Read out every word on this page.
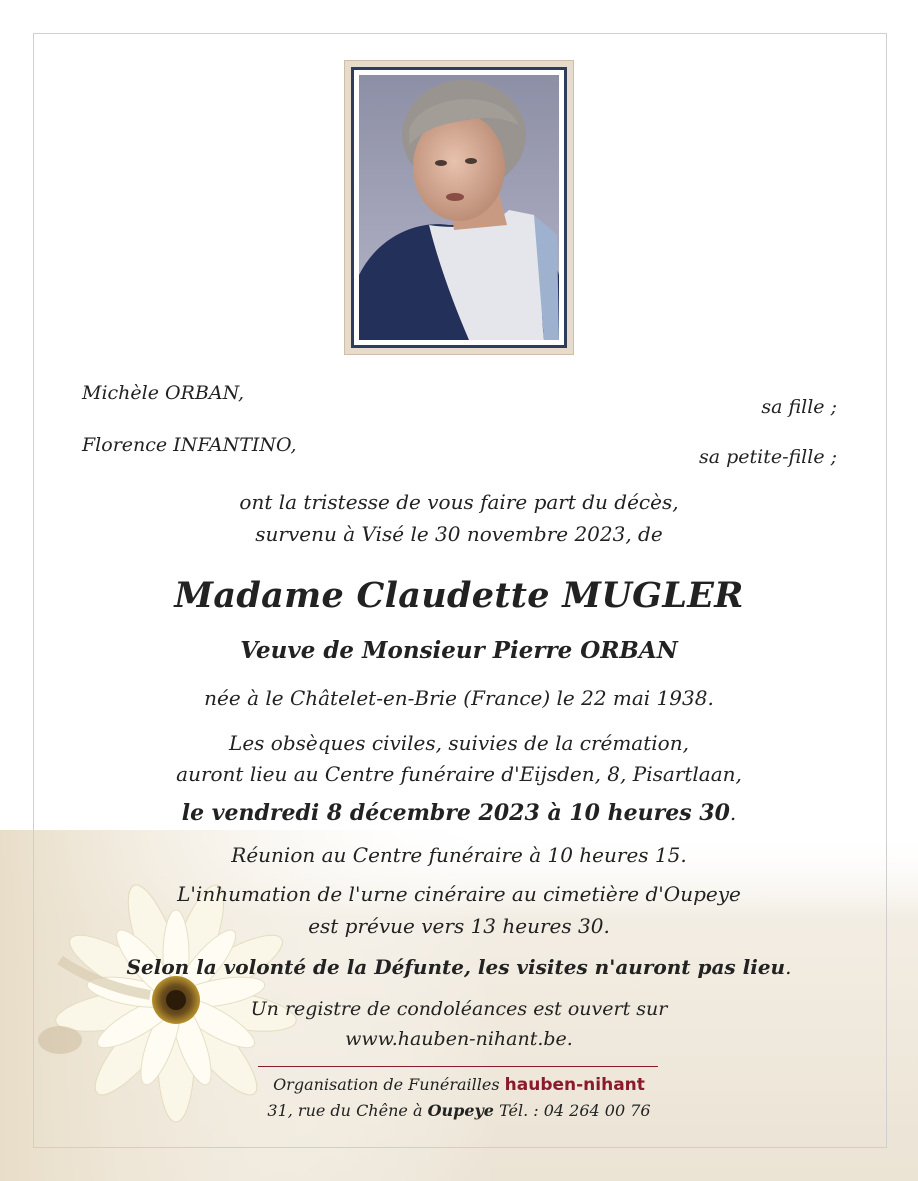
Michèle ORBAN,
sa fille ;
Florence INFANTINO,
sa petite-fille ;
ont la tristesse de vous faire part du décès,
survenu à Visé le 30 novembre 2023, de
Madame Claudette MUGLER
Veuve de Monsieur Pierre ORBAN
née à le Châtelet-en-Brie (France) le 22 mai 1938.
Les obsèques civiles, suivies de la crémation,
auront lieu au Centre funéraire d'Eijsden, 8, Pisartlaan,
le vendredi 8 décembre 2023 à 10 heures 30.
Réunion au Centre funéraire à 10 heures 15.
L'inhumation de l'urne cinéraire au cimetière d'Oupeye
est prévue vers 13 heures 30.
Selon la volonté de la Défunte, les visites n'auront pas lieu.
Un registre de condoléances est ouvert sur
www.hauben-nihant.be.
Organisation de Funérailles hauben-nihant
31, rue du Chêne à Oupeye Tél. : 04 264 00 76
